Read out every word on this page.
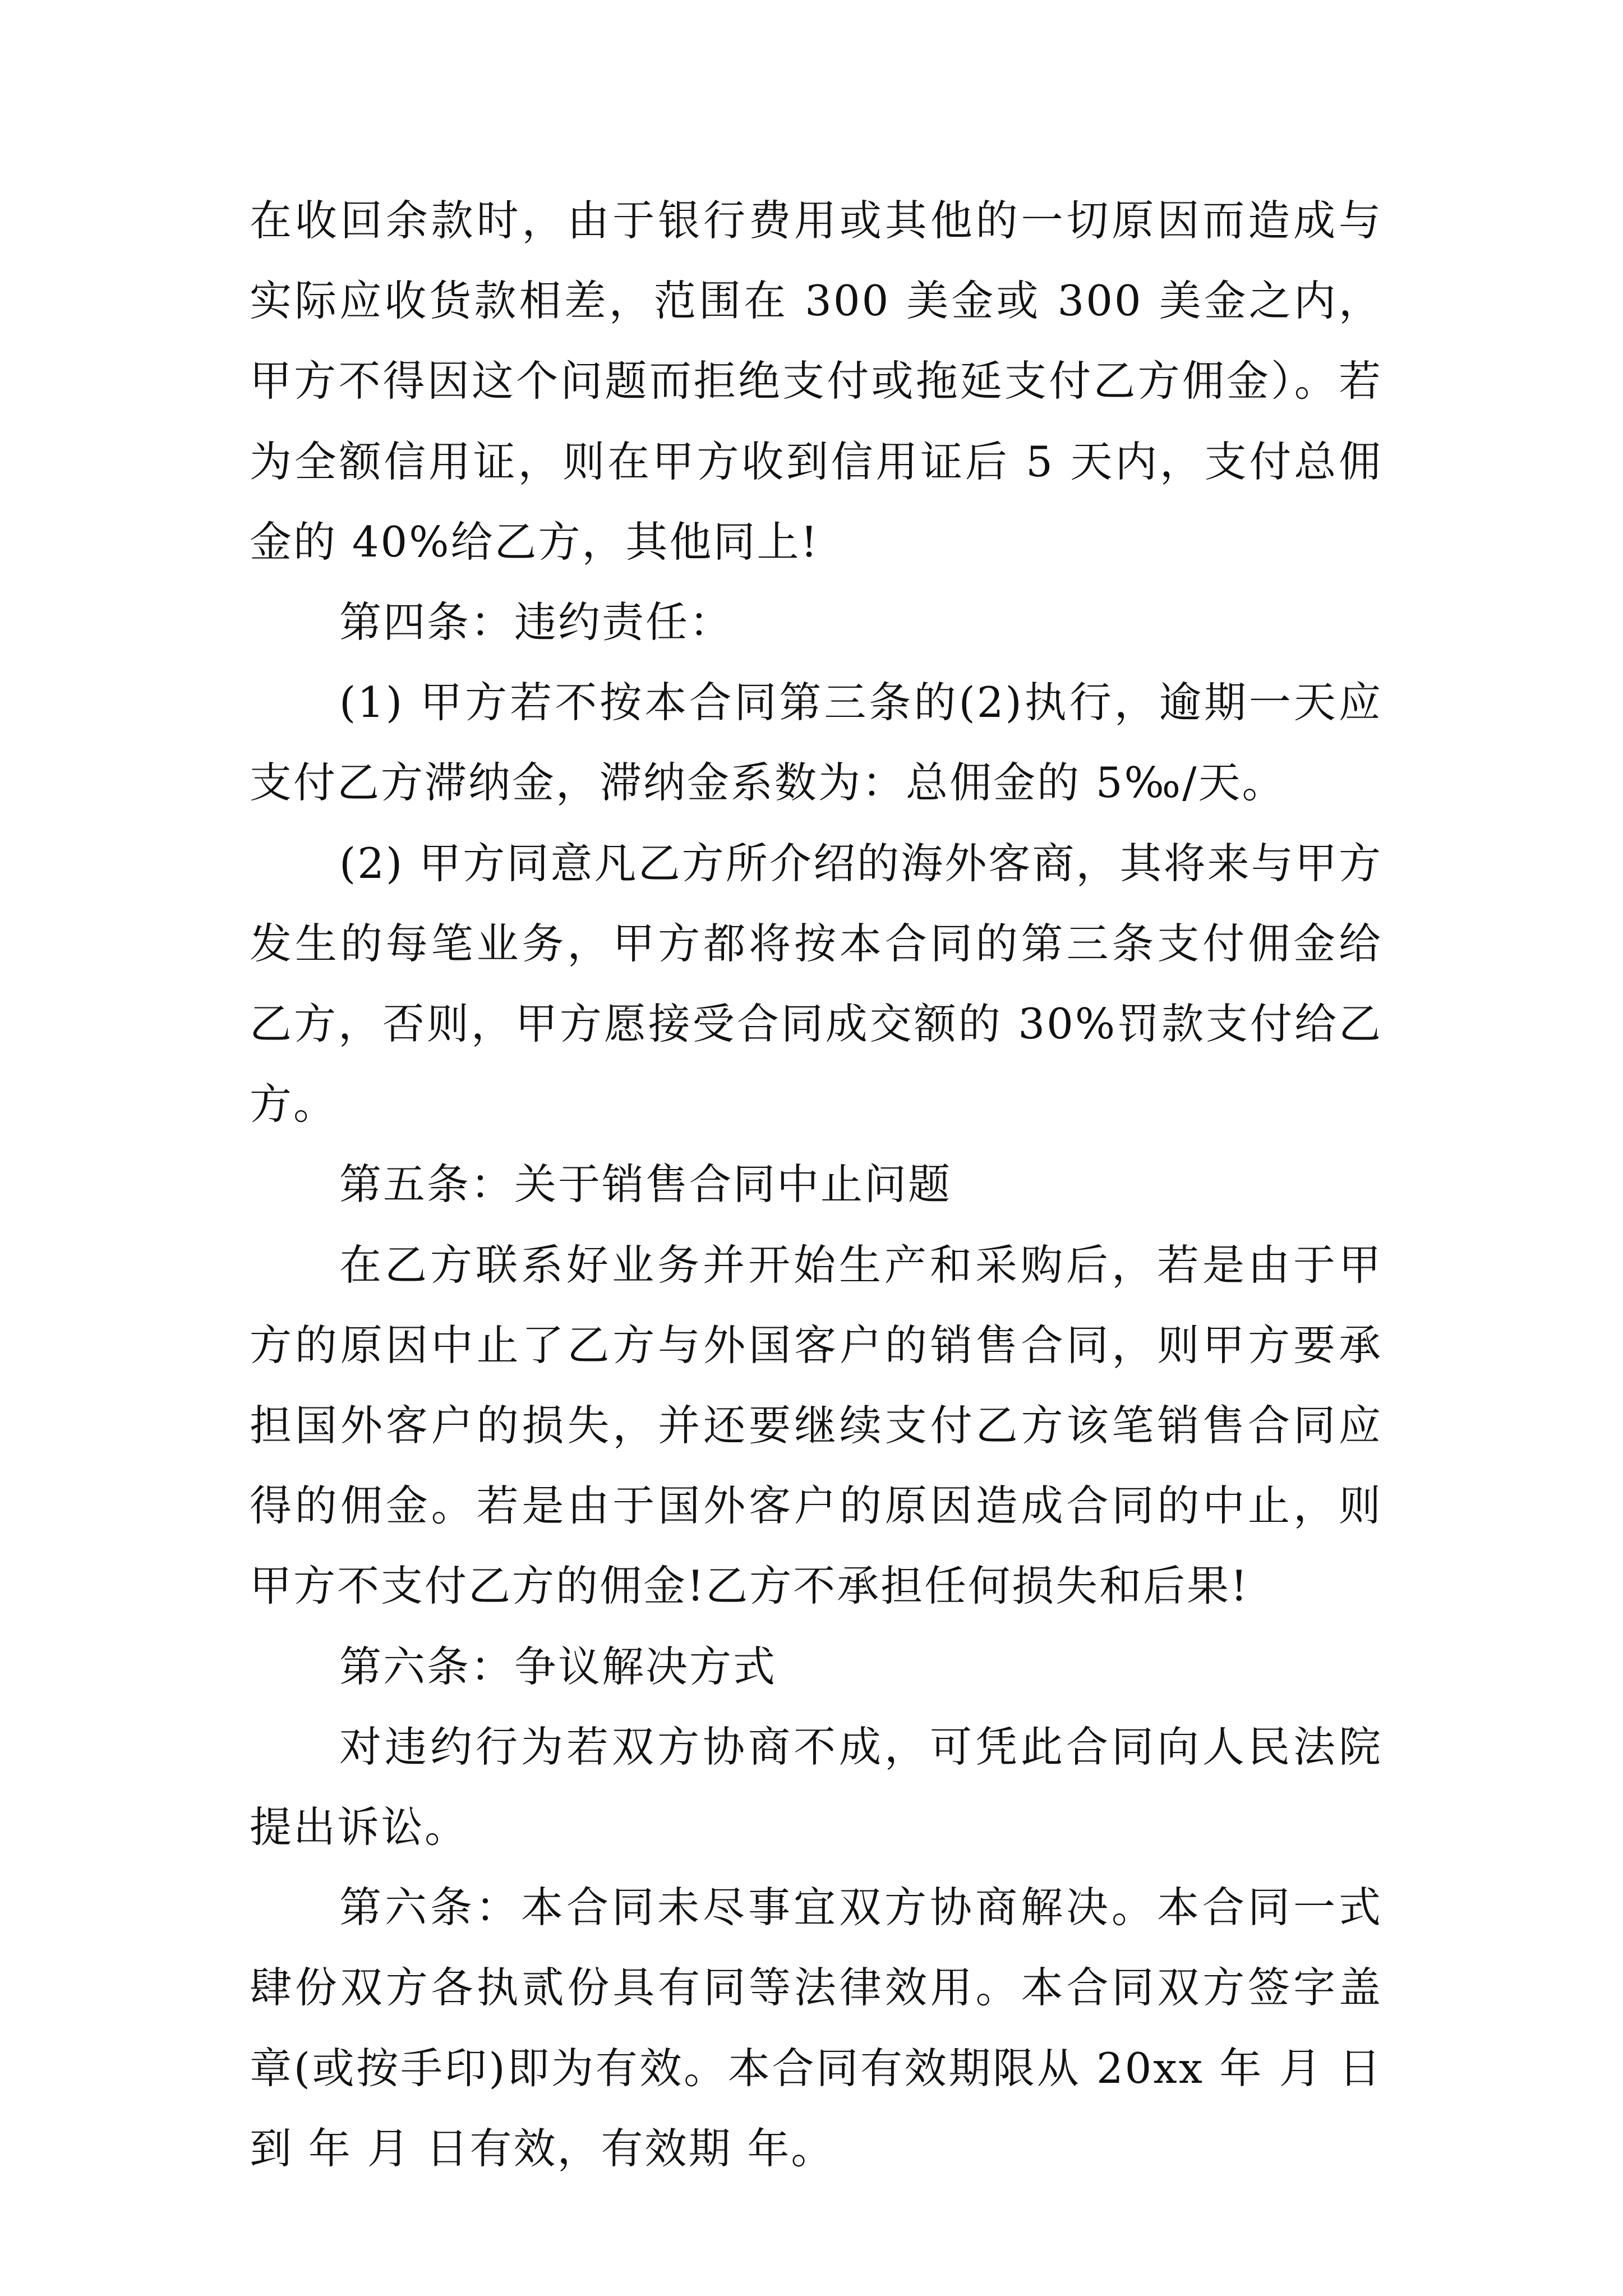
在收回余款时，由于银行费用或其他的一切原因而造成与实际应收货款相差，范围在 300 美金或 300 美金之内，甲方不得因这个问题而拒绝支付或拖延支付乙方佣金）。若为全额信用证，则在甲方收到信用证后 5 天内，支付总佣金的 40%给乙方，其他同上!

第四条：违约责任：

(1) 甲方若不按本合同第三条的(2)执行，逾期一天应支付乙方滞纳金，滞纳金系数为：总佣金的 5‰/天。

(2) 甲方同意凡乙方所介绍的海外客商，其将来与甲方发生的每笔业务，甲方都将按本合同的第三条支付佣金给乙方，否则，甲方愿接受合同成交额的 30%罚款支付给乙方。

第五条：关于销售合同中止问题

在乙方联系好业务并开始生产和采购后，若是由于甲方的原因中止了乙方与外国客户的销售合同，则甲方要承担国外客户的损失，并还要继续支付乙方该笔销售合同应得的佣金。若是由于国外客户的原因造成合同的中止，则甲方不支付乙方的佣金!乙方不承担任何损失和后果!

第六条：争议解决方式

对违约行为若双方协商不成，可凭此合同向人民法院提出诉讼。

第六条：本合同未尽事宜双方协商解决。本合同一式肆份双方各执贰份具有同等法律效用。本合同双方签字盖章(或按手印)即为有效。本合同有效期限从 20xx 年 月 日 到 年 月 日有效，有效期 年。
